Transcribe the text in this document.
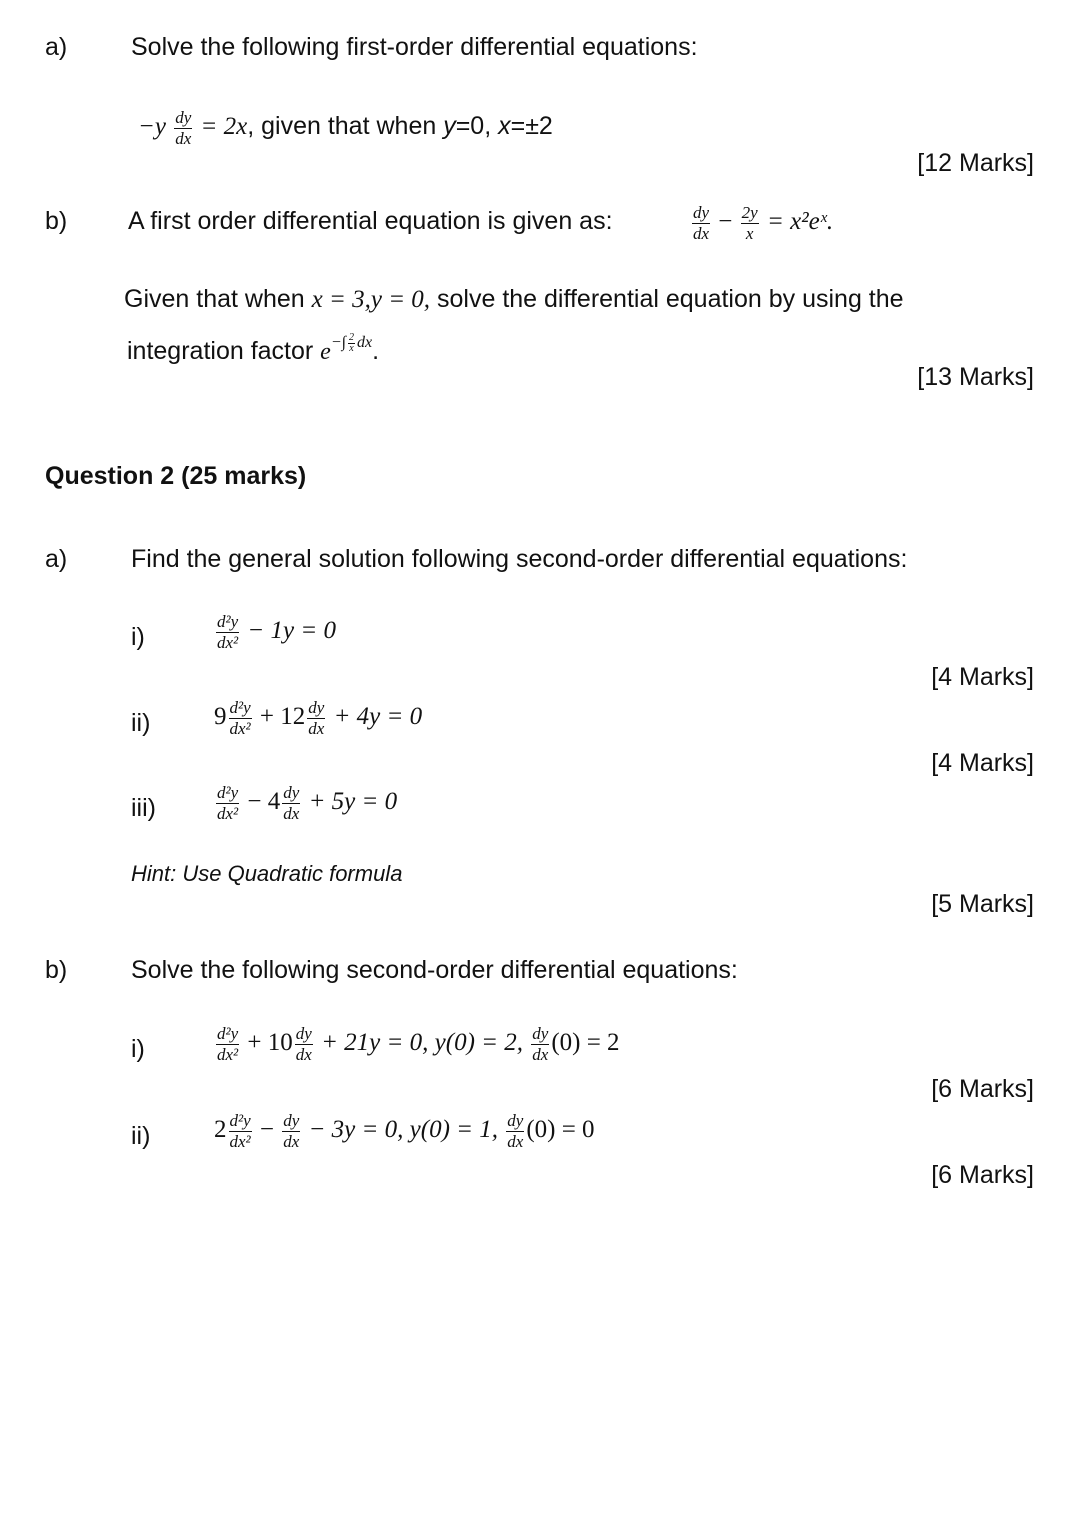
a)	Solve the following first-order differential equations:
$-y \frac{dy}{dx} = 2x$, given that when y=0, x=±2
[12 Marks]
b) A first order differential equation is given as:	$\frac{dy}{dx} - \frac{2y}{x}$ = x²eˣ.
Given that when x = 3,y = 0, solve the differential equation by using the
integration factor $e^{-\int \frac{2}{x} dx}$.
[13 Marks]
Question 2 (25 marks)
a)	Find the general solution following second-order differential equations:
i)	$\frac{\text{d²y}}{\text{dx²}} - 1y = 0$
[4 Marks]
ii)	$9 \frac{\text{d²y}}{\text{dx²}} + 12 \frac{dy}{dx} + 4y = 0$
[4 Marks]
iii)	$\frac{\text{d²y}}{\text{dx²}} - 4 \frac{dy}{dx} + 5y = 0$
Hint: Use Quadratic formula
[5 Marks]
b)	Solve the following second-order differential equations:
i)	$\frac{\text{d²y}}{\text{dx²}} + 10 \frac{dy}{dx} + 21y = 0$, y(0) = 2, $\frac{dy}{dx} (0) = 2$
[6 Marks]
ii)	$2 \frac{\text{d²y}}{\text{dx²}} - \frac{dy}{dx} - 3y = 0$, y(0) = 1, $\frac{dy}{dx} (0) = 0$
[6 Marks]
